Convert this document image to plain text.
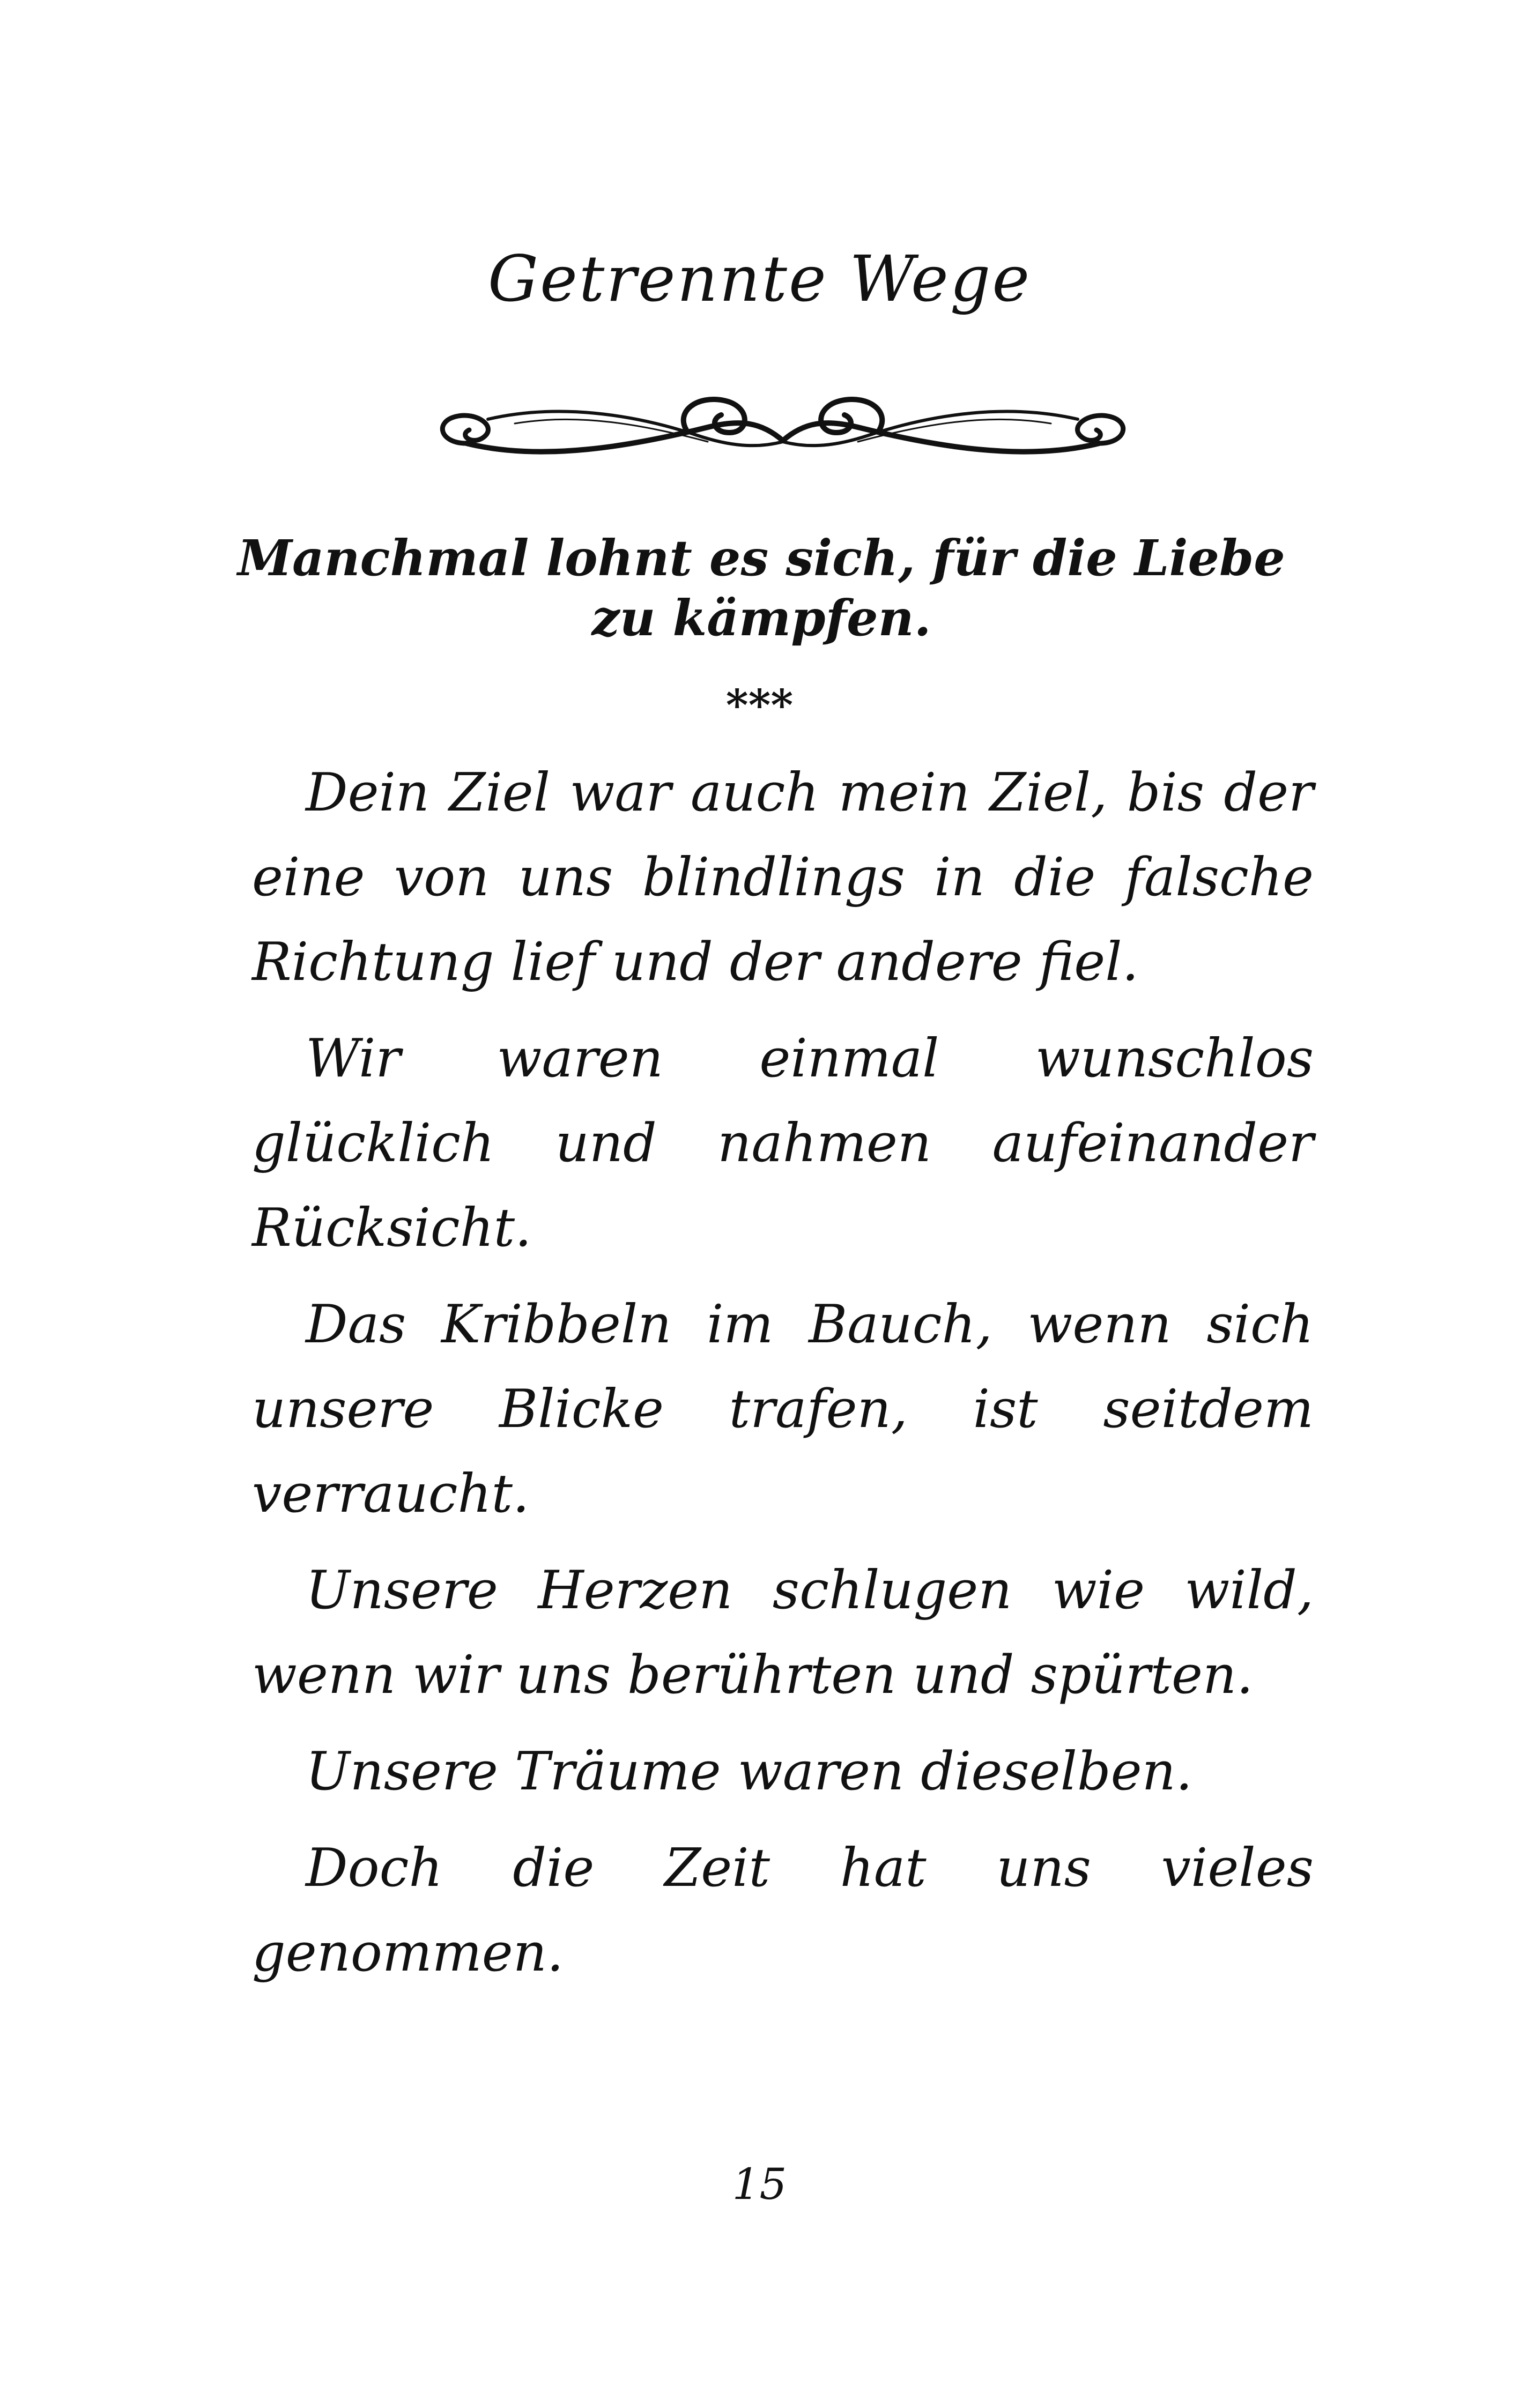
Getrennte Wege
Manchmal lohnt es sich, für die Liebe zu kämpfen.
***

Dein Ziel war auch mein Ziel, bis der eine von uns blindlings in die falsche Richtung lief und der andere fiel.

Wir waren einmal wunschlos glücklich und nahmen aufeinander Rücksicht.

Das Kribbeln im Bauch, wenn sich unsere Blicke trafen, ist seitdem verraucht.

Unsere Herzen schlugen wie wild, wenn wir uns berührten und spürten.

Unsere Träume waren dieselben.

Doch die Zeit hat uns vieles genommen.

15
